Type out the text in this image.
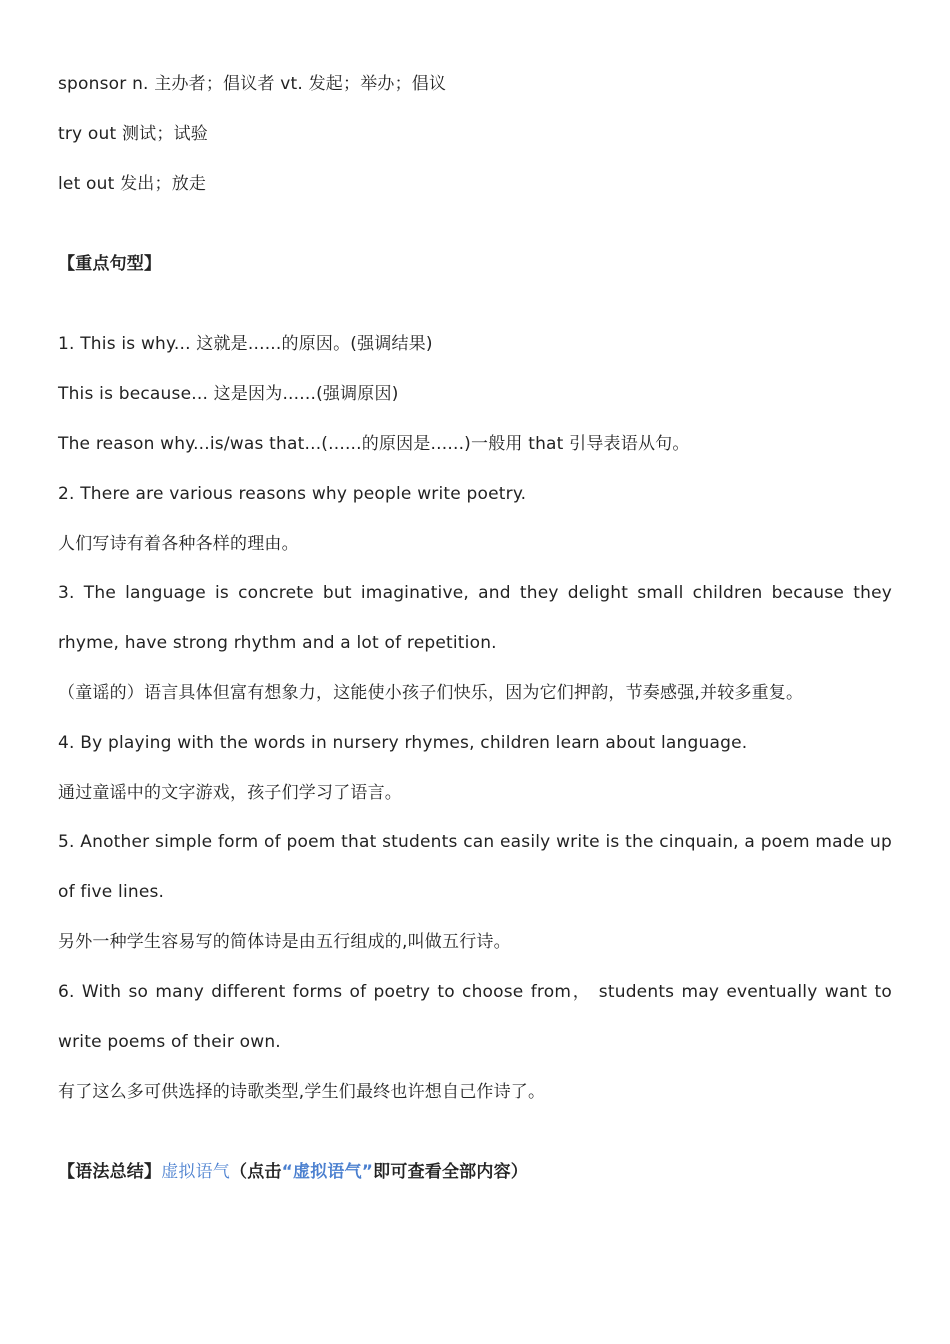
sponsor n. 主办者；倡议者 vt. 发起；举办；倡议
try out 测试；试验
let out 发出；放走
【重点句型】
1. This is why... 这就是......的原因。(强调结果)
This is because... 这是因为......(强调原因)
The reason why...is/was that...(......的原因是......)一般用 that 引导表语从句。
2. There are various reasons why people write poetry.
人们写诗有着各种各样的理由。
3. The language is concrete but imaginative, and they delight small children because they
rhyme, have strong rhythm and a lot of repetition.
（童谣的）语言具体但富有想象力，这能使小孩子们快乐，因为它们押韵，节奏感强,并较多重复。
4. By playing with the words in nursery rhymes, children learn about language.
通过童谣中的文字游戏，孩子们学习了语言。
5. Another simple form of poem that students can easily write is the cinquain, a poem made up
of five lines.
另外一种学生容易写的简体诗是由五行组成的,叫做五行诗。
6. With so many different forms of poetry to choose from， students may eventually want to
write poems of their own.
有了这么多可供选择的诗歌类型,学生们最终也许想自己作诗了。
【语法总结】虚拟语气（点击“虚拟语气”即可查看全部内容）
